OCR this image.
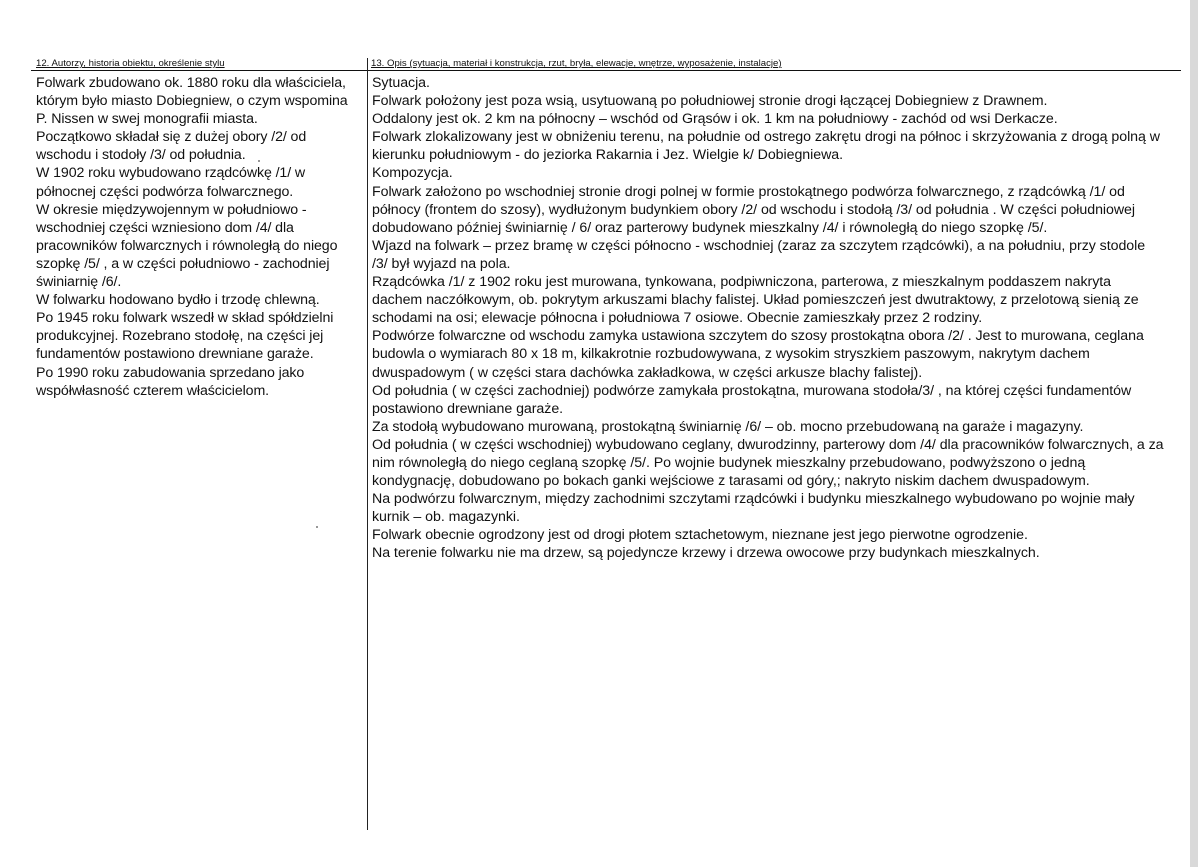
12. Autorzy, historia obiektu, określenie stylu	13. Opis (sytuacja, materiał i konstrukcja, rzut, bryła, elewacje, wnętrze, wyposażenie, instalacje)

Folwark zbudowano ok. 1880 roku dla właściciela, którym było miasto Dobiegniew, o czym wspomina P. Nissen w swej monografii miasta.

Początkowo składał się z dużej obory /2/ od wschodu i stodoły /3/ od południa.

W 1902 roku wybudowano rządcówkę /1/ w północnej części podwórza folwarcznego.

W okresie międzywojennym w południowo - wschodniej części wzniesiono dom /4/ dla pracowników folwarcznych i równoległą do niego szopkę /5/ , a w części południowo - zachodniej świniarnię /6/.

W folwarku hodowano bydło i trzodę chlewną.

Po 1945 roku folwark wszedł w skład spółdzielni produkcyjnej. Rozebrano stodołę, na części jej fundamentów postawiono drewniane garaże.

Po 1990 roku zabudowania sprzedano jako współwłasność czterem właścicielom.

Sytuacja.

Folwark położony jest poza wsią, usytuowaną po południowej stronie drogi łączącej Dobiegniew z Drawnem.

Oddalony jest ok. 2 km na północny – wschód od Grąsów i ok. 1 km na południowy - zachód od wsi Derkacze.

Folwark zlokalizowany jest w obniżeniu terenu, na południe od ostrego zakrętu drogi na północ i skrzyżowania z drogą polną w kierunku południowym - do jeziorka Rakarnia i Jez. Wielgie k/ Dobiegniewa.

Kompozycja.

Folwark założono po wschodniej stronie drogi polnej w formie prostokątnego podwórza folwarcznego, z rządcówką /1/ od północy (frontem do szosy), wydłużonym budynkiem obory /2/ od wschodu i stodołą /3/ od południa . W części południowej dobudowano później świniarnię / 6/ oraz parterowy budynek mieszkalny /4/ i równoległą do niego szopkę /5/.

Wjazd na folwark – przez bramę w części północno - wschodniej (zaraz za szczytem rządcówki), a na południu, przy stodole /3/ był wyjazd na pola.

Rządcówka /1/ z 1902 roku jest murowana, tynkowana, podpiwniczona, parterowa, z mieszkalnym poddaszem nakryta dachem naczółkowym, ob. pokrytym arkuszami blachy falistej. Układ pomieszczeń jest dwutraktowy, z przelotową sienią ze schodami na osi; elewacje północna i południowa 7 osiowe. Obecnie zamieszkały przez 2 rodziny.

Podwórze folwarczne od wschodu zamyka ustawiona szczytem do szosy prostokątna obora /2/ . Jest to murowana, ceglana budowla o wymiarach 80 x 18 m, kilkakrotnie rozbudowywana, z wysokim stryszkiem paszowym, nakrytym dachem dwuspadowym ( w części stara dachówka zakładkowa, w części arkusze blachy falistej).

Od południa ( w części zachodniej) podwórze zamykała prostokątna, murowana stodoła/3/ , na której części fundamentów postawiono drewniane garaże.

Za stodołą wybudowano murowaną, prostokątną świniarnię /6/ – ob. mocno przebudowaną na garaże i magazyny.

Od południa ( w części wschodniej) wybudowano ceglany, dwurodzinny, parterowy dom /4/ dla pracowników folwarcznych, a za nim równoległą do niego ceglaną szopkę /5/. Po wojnie budynek mieszkalny przebudowano, podwyższono o jedną kondygnację, dobudowano po bokach ganki wejściowe z tarasami od góry,; nakryto niskim dachem dwuspadowym.

Na podwórzu folwarcznym, między zachodnimi szczytami rządcówki i budynku mieszkalnego wybudowano po wojnie mały kurnik – ob. magazynki.

Folwark obecnie ogrodzony jest od drogi płotem sztachetowym, nieznane jest jego pierwotne ogrodzenie.

Na terenie folwarku nie ma drzew, są pojedyncze krzewy i drzewa owocowe przy budynkach mieszkalnych.
